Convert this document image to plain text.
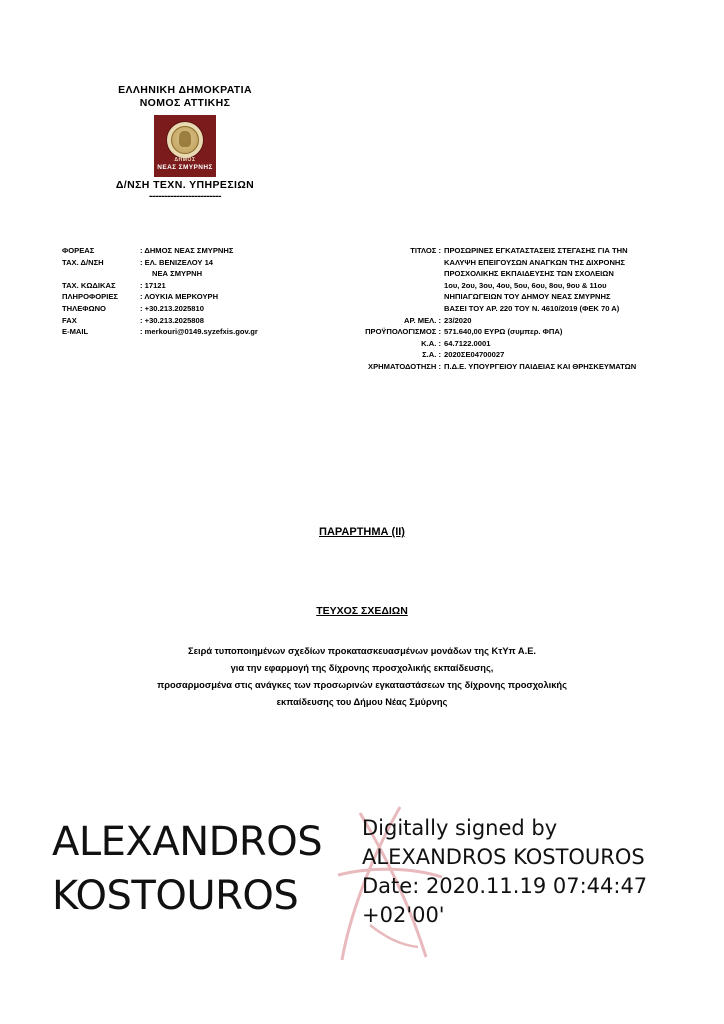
ΕΛΛΗΝΙΚΗ ΔΗΜΟΚΡΑΤΙΑ
ΝΟΜΟΣ ΑΤΤΙΚΗΣ
ΔΗΜΟΣ
ΝΕΑΣ ΣΜΥΡΝΗΣ
Δ/ΝΣΗ ΤΕΧΝ. ΥΠΗΡΕΣΙΩΝ
------------------------
ΦΟΡΕΑΣ	: ΔΗΜΟΣ ΝΕΑΣ ΣΜΥΡΝΗΣ
ΤΑΧ. Δ/ΝΣΗ	: ΕΛ. ΒΕΝΙΖΕΛΟΥ 14
	ΝΕΑ ΣΜΥΡΝΗ
ΤΑΧ. ΚΩΔΙΚΑΣ	: 17121
ΠΛΗΡΟΦΟΡΙΕΣ	: ΛΟΥΚΙΑ ΜΕΡΚΟΥΡΗ
ΤΗΛΕΦΩΝΟ	: +30.213.2025810
FAX	: +30.213.2025808
E-MAIL	: merkouri@0149.syzefxis.gov.gr
ΤΙΤΛΟΣ :	ΠΡΟΣΩΡΙΝΕΣ ΕΓΚΑΤΑΣΤΑΣΕΙΣ ΣΤΕΓΑΣΗΣ ΓΙΑ ΤΗΝ
	ΚΑΛΥΨΗ ΕΠΕΙΓΟΥΣΩΝ ΑΝΑΓΚΩΝ ΤΗΣ ΔΙΧΡΟΝΗΣ
	ΠΡΟΣΧΟΛΙΚΗΣ ΕΚΠΑΙΔΕΥΣΗΣ ΤΩΝ ΣΧΟΛΕΙΩΝ
	1ου, 2ου, 3ου, 4ου, 5ου, 6ου, 8ου, 9ου & 11ου
	ΝΗΠΙΑΓΩΓΕΙΩΝ ΤΟΥ ΔΗΜΟΥ ΝΕΑΣ ΣΜΥΡΝΗΣ
	ΒΑΣΕΙ ΤΟΥ ΑΡ. 220 ΤΟΥ Ν. 4610/2019 (ΦΕΚ 70 Α)
ΑΡ. ΜΕΛ. :	23/2020
ΠΡΟΫΠΟΛΟΓΙΣΜΟΣ :	571.640,00 ΕΥΡΩ (συμπερ. ΦΠΑ)
Κ.Α. :	64.7122.0001
Σ.Α. :	2020ΣΕ04700027
ΧΡΗΜΑΤΟΔΟΤΗΣΗ :	Π.Δ.Ε. ΥΠΟΥΡΓΕΙΟΥ ΠΑΙΔΕΙΑΣ ΚΑΙ ΘΡΗΣΚΕΥΜΑΤΩΝ
ΠΑΡΑΡΤΗΜΑ (ΙΙ)
ΤΕΥΧΟΣ ΣΧΕΔΙΩΝ
Σειρά τυποποιημένων σχεδίων προκατασκευασμένων μονάδων της ΚτΥπ Α.Ε.
για την εφαρμογή της δίχρονης προσχολικής εκπαίδευσης,
προσαρμοσμένα στις ανάγκες των προσωρινών εγκαταστάσεων της δίχρονης προσχολικής
εκπαίδευσης του Δήμου Νέας Σμύρνης
ALEXANDROS
KOSTOUROS
Digitally signed by
ALEXANDROS KOSTOUROS
Date: 2020.11.19 07:44:47
+02'00'
